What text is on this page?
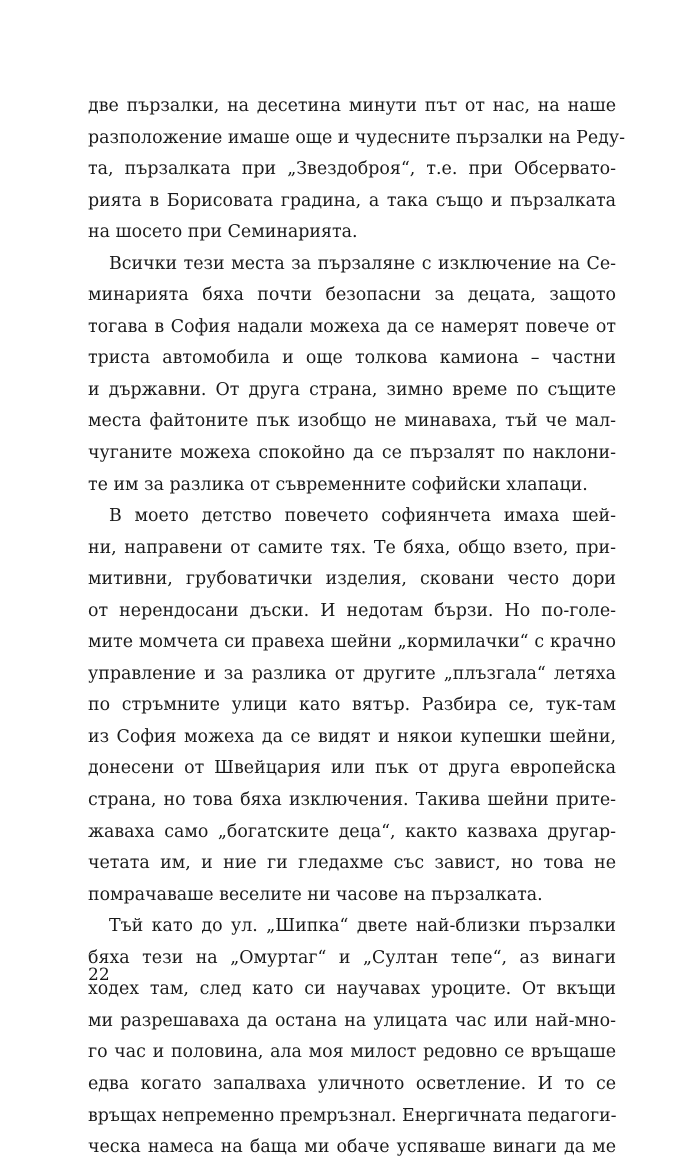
две пързалки, на десетина минути път от нас, на наше
разположение имаше още и чудесните пързалки на Реду-
та, пързалката при „Звездоброя“, т.е. при Обсервато-
рията в Борисовата градина, а така също и пързалката
на шосето при Семинарията.
Всички тези места за пързаляне с изключение на Се-
минарията бяха почти безопасни за децата, защото
тогава в София надали можеха да се намерят повече от
триста автомобила и още толкова камиона – частни
и държавни. От друга страна, зимно време по същите
места файтоните пък изобщо не минаваха, тъй че мал-
чуганите можеха спокойно да се пързалят по наклони-
те им за разлика от съвременните софийски хлапаци.
В моето детство повечето софиянчета имаха шей-
ни, направени от самите тях. Те бяха, общо взето, при-
митивни, грубоватички изделия, сковани често дори
от нерендосани дъски. И недотам бързи. Но по-голе-
мите момчета си правеха шейни „кормилачки“ с крачно
управление и за разлика от другите „плъзгала“ летяха
по стръмните улици като вятър. Разбира се, тук-там
из София можеха да се видят и някои купешки шейни,
донесени от Швейцария или пък от друга европейска
страна, но това бяха изключения. Такива шейни прите-
жаваха само „богатските деца“, както казваха другар-
четата им, и ние ги гледахме със завист, но това не
помрачаваше веселите ни часове на пързалката.
Тъй като до ул. „Шипка“ двете най-близки пързалки
бяха тези на „Омуртаг“ и „Султан тепе“, аз винаги
ходех там, след като си научавах уроците. От вкъщи
ми разрешаваха да остана на улицата час или най-мно-
го час и половина, ала моя милост редовно се връщаше
едва когато запалваха уличното осветление. И то се
връщах непременно премръзнал. Енергичната педагоги-
ческа намеса на баща ми обаче успяваше винаги да ме
22
